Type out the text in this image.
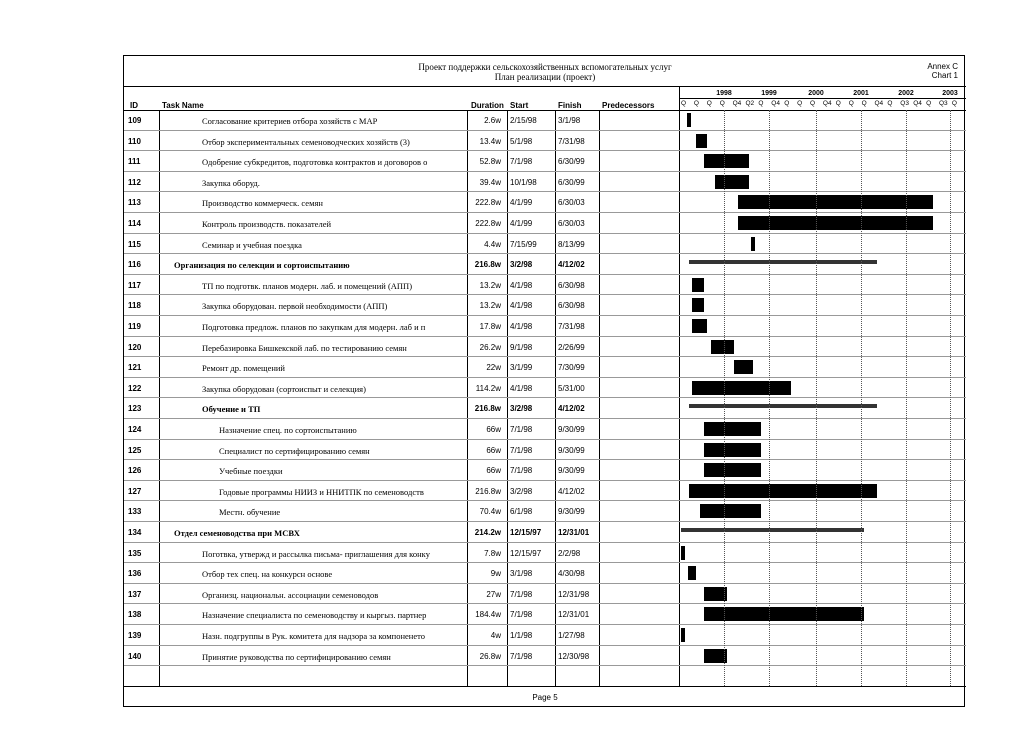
Проект поддержки сельскохозяйственных вспомогательных услуг
План реализации (проект)
Annex C
Chart 1
ID	Task Name	Duration Start	Finish	Predecessors
1998	1999	2000	2001	2002	2003
Q Q Q Q Q4 Q2 Q Q4 Q Q Q Q4 Q Q Q Q4 Q Q3 Q4 Q Q3 Q
109	Согласование критериев отбора хозяйств с МАР	2.6w 2/15/98	3/1/98
110	Отбор экспериментальных семеноводческих хозяйств (3)	13.4w 5/1/98	7/31/98
111	Одобрение субкредитов, подготовка контрактов и договоров о	52.8w 7/1/98	6/30/99
112	Закупка оборуд.	39.4w 10/1/98	6/30/99
113	Производство коммерческ. семян	222.8w 4/1/99	6/30/03
114	Контроль производств. показателей	222.8w 4/1/99	6/30/03
115	Семинар и учебная поездка	4.4w 7/15/99	8/13/99
116	Организация по селекции и сортоиспытанию	216.8w 3/2/98	4/12/02
117	ТП по подготвк. планов модерн. лаб. и помещений (АПП)	13.2w 4/1/98	6/30/98
118	Закупка оборудован. первой необходимости (АПП)	13.2w 4/1/98	6/30/98
119	Подготовка предлож. планов по закупкам для модерн. лаб и п	17.8w 4/1/98	7/31/98
120	Перебазировка Бишкекской лаб. по тестированию семян	26.2w 9/1/98	2/26/99
121	Ремонт др. помещений	22w 3/1/99	7/30/99
122	Закупка оборудован (сортоиспыт и селекция)	114.2w 4/1/98	5/31/00
123	Обучение и ТП	216.8w 3/2/98	4/12/02
124	Назначение спец. по сортоиспытанию	66w 7/1/98	9/30/99
125	Специалист по сертифицированию семян	66w 7/1/98	9/30/99
126	Учебные поездки	66w 7/1/98	9/30/99
127	Годовые программы НИИЗ и ННИТПК по семеноводств	216.8w 3/2/98	4/12/02
133	Местн. обучение	70.4w 6/1/98	9/30/99
134	Отдел семеноводства при МСВХ	214.2w 12/15/97	12/31/01
135	Поготвка, утвержд и рассылка письма- приглашения для конку	7.8w 12/15/97	2/2/98
136	Отбор тех спец. на конкурсн основе	9w 3/1/98	4/30/98
137	Организц. национальн. ассоциации семеноводов	27w 7/1/98	12/31/98
138	Назначение специалиста по семеноводству и кыргыз. партнер	184.4w 7/1/98	12/31/01
139	Назн. подгруппы в Рук. комитета для надзора за компоненето	4w 1/1/98	1/27/98
140	Принятие руководства по сертифицированию семян	26.8w 7/1/98	12/30/98
Page 5
